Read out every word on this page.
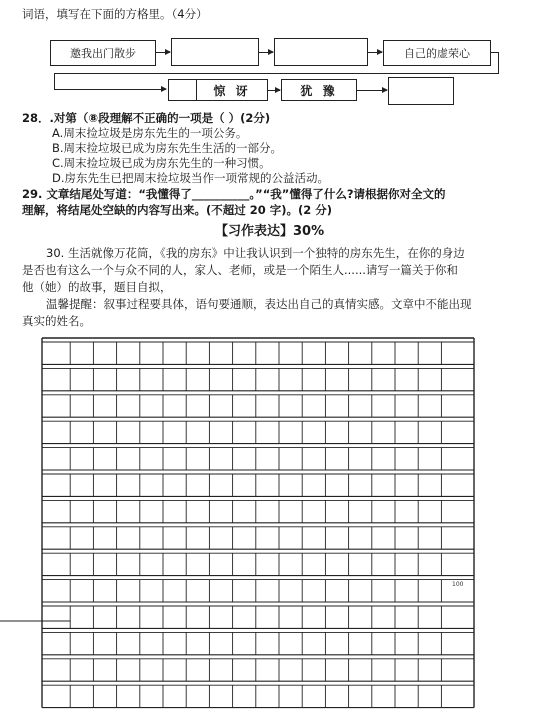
词语，填写在下面的方格里。（4分）
邀我出门散步	自己的虚荣心
惊 讶	犹 豫
28．.对第（⑧段理解不正确的一项是（ ）(2分)
A.周末捡垃圾是房东先生的一项公务。
B.周末捡垃圾已成为房东先生生活的一部分。
C.周末捡垃圾已成为房东先生的一种习惯。
D.房东先生已把周末捡垃圾当作一项常规的公益活动。
29. 文章结尾处写道：“我懂得了__________。”“我”懂得了什么?请根据你对全文的
理解，将结尾处空缺的内容写出来。(不超过 20 字)。(2 分)
【习作表达】30%
30. 生活就像万花筒，《我的房东》中让我认识到一个独特的房东先生，在你的身边
是否也有这么一个与众不同的人，家人、老师，或是一个陌生人......请写一篇关于你和
他（她）的故事，题目自拟，
温馨提醒：叙事过程要具体，语句要通顺，表达出自己的真情实感。文章中不能出现
真实的姓名。
100
